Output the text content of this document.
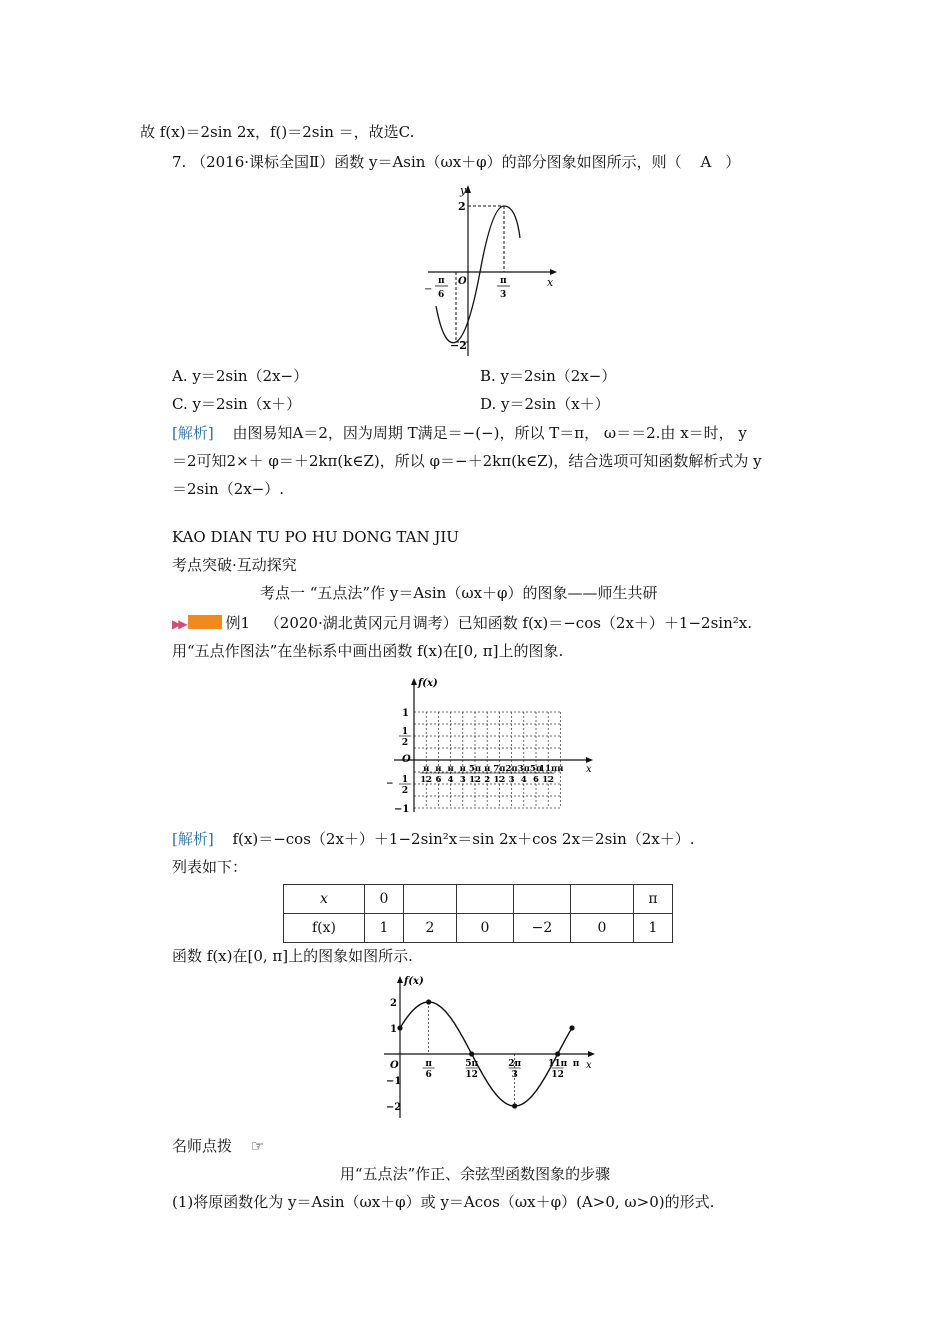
故 f(x)＝2sin 2x，f()＝2sin ＝，故选C.
7. （2016·课标全国Ⅱ）函数 y＝Asin（ωx＋φ）的部分图象如图所示，则（ A ）
y
x
2
−2
O
−
π
6
π
3
A. y＝2sin（2x−）	B. y＝2sin（2x−）
C. y＝2sin（x＋）	D. y＝2sin（x＋）
[解析] 由图易知A＝2，因为周期 T满足＝−(−)，所以 T＝π， ω＝＝2.由 x＝时， y
＝2可知2×＋ φ＝＋2kπ(k∈Z)，所以 φ＝−＋2kπ(k∈Z)，结合选项可知函数解析式为 y
＝2sin（2x−）.
KAO DIAN TU PO HU DONG TAN JIU
考点突破·互动探究
考点一 “五点法”作 y＝Asin（ωx＋φ）的图象——师生共研
▶▶	例1 （2020·湖北黄冈元月调考）已知函数 f(x)＝−cos（2x＋）＋1−2sin²x.
用“五点作图法”在坐标系中画出函数 f(x)在[0, π]上的图象.
f(x)
x
O
1
1
2
− 1
2
−1
π
12
π
6
π
4
π
3
5π
12
π
2
7π
12
2π
3
3π
4
5π
6
11π
12
π
[解析] f(x)＝−cos（2x＋）＋1−2sin²x＝sin 2x＋cos 2x＝2sin（2x＋）.
列表如下：
x	0					π
f(x)	1	2	0	−2	0	1
函数 f(x)在[0, π]上的图象如图所示.
f(x)
x
O
2
1
−1
−2
π
6
5π
12
2π
3
11π
12
π
名师点拨 ☞
用“五点法”作正、余弦型函数图象的步骤
(1)将原函数化为 y＝Asin（ωx＋φ）或 y＝Acos（ωx＋φ）(A>0, ω>0)的形式.
